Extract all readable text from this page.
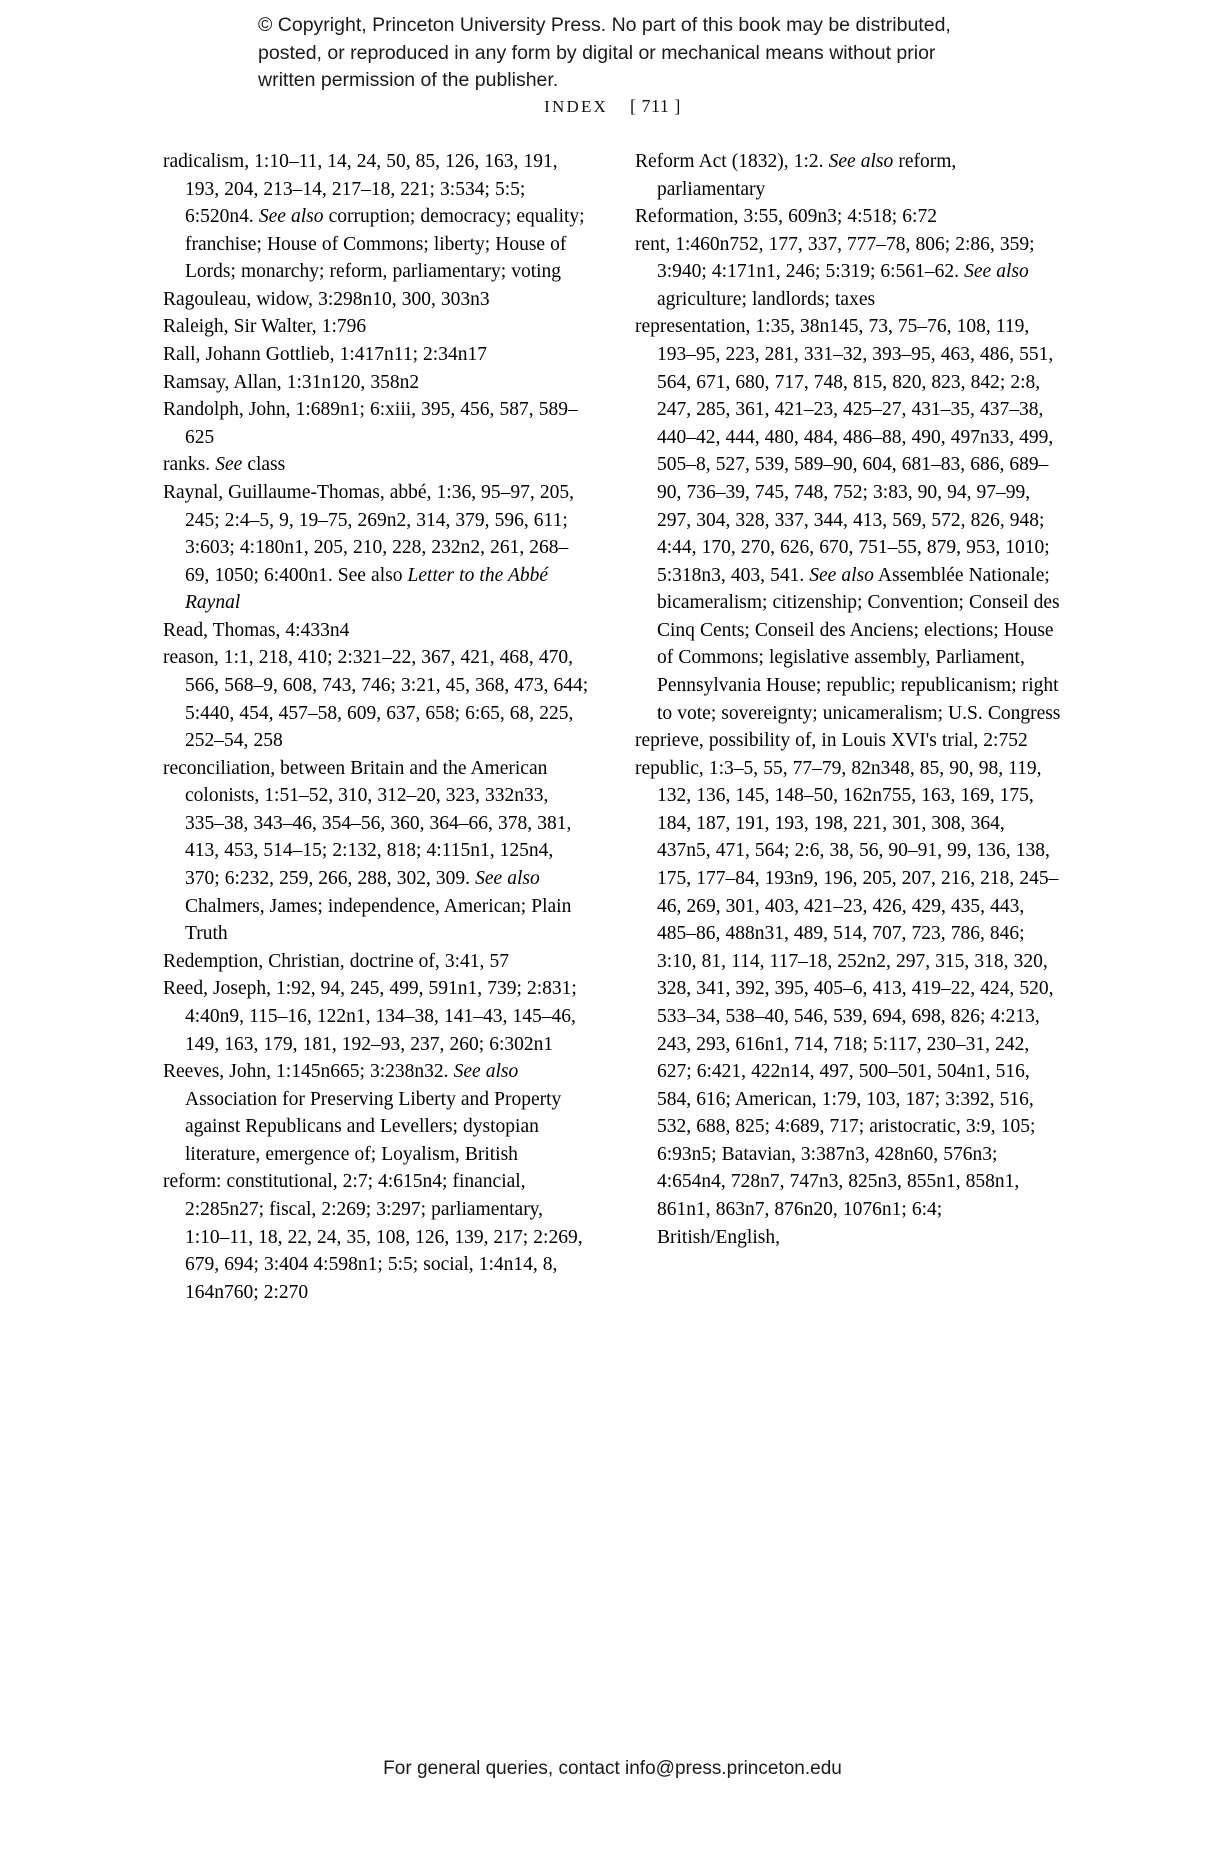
© Copyright, Princeton University Press. No part of this book may be distributed, posted, or reproduced in any form by digital or mechanical means without prior written permission of the publisher.
INDEX [ 711 ]
radicalism, 1:10–11, 14, 24, 50, 85, 126, 163, 191, 193, 204, 213–14, 217–18, 221; 3:534; 5:5; 6:520n4. See also corruption; democracy; equality; franchise; House of Commons; liberty; House of Lords; monarchy; reform, parliamentary; voting
Ragouleau, widow, 3:298n10, 300, 303n3
Raleigh, Sir Walter, 1:796
Rall, Johann Gottlieb, 1:417n11; 2:34n17
Ramsay, Allan, 1:31n120, 358n2
Randolph, John, 1:689n1; 6:xiii, 395, 456, 587, 589–625
ranks. See class
Raynal, Guillaume-Thomas, abbé, 1:36, 95–97, 205, 245; 2:4–5, 9, 19–75, 269n2, 314, 379, 596, 611; 3:603; 4:180n1, 205, 210, 228, 232n2, 261, 268–69, 1050; 6:400n1. See also Letter to the Abbé Raynal
Read, Thomas, 4:433n4
reason, 1:1, 218, 410; 2:321–22, 367, 421, 468, 470, 566, 568–9, 608, 743, 746; 3:21, 45, 368, 473, 644; 5:440, 454, 457–58, 609, 637, 658; 6:65, 68, 225, 252–54, 258
reconciliation, between Britain and the American colonists, 1:51–52, 310, 312–20, 323, 332n33, 335–38, 343–46, 354–56, 360, 364–66, 378, 381, 413, 453, 514–15; 2:132, 818; 4:115n1, 125n4, 370; 6:232, 259, 266, 288, 302, 309. See also Chalmers, James; independence, American; Plain Truth
Redemption, Christian, doctrine of, 3:41, 57
Reed, Joseph, 1:92, 94, 245, 499, 591n1, 739; 2:831; 4:40n9, 115–16, 122n1, 134–38, 141–43, 145–46, 149, 163, 179, 181, 192–93, 237, 260; 6:302n1
Reeves, John, 1:145n665; 3:238n32. See also Association for Preserving Liberty and Property against Republicans and Levellers; dystopian literature, emergence of; Loyalism, British
reform: constitutional, 2:7; 4:615n4; financial, 2:285n27; fiscal, 2:269; 3:297; parliamentary, 1:10–11, 18, 22, 24, 35, 108, 126, 139, 217; 2:269, 679, 694; 3:404 4:598n1; 5:5; social, 1:4n14, 8, 164n760; 2:270
Reform Act (1832), 1:2. See also reform, parliamentary
Reformation, 3:55, 609n3; 4:518; 6:72
rent, 1:460n752, 177, 337, 777–78, 806; 2:86, 359; 3:940; 4:171n1, 246; 5:319; 6:561–62. See also agriculture; landlords; taxes
representation, 1:35, 38n145, 73, 75–76, 108, 119, 193–95, 223, 281, 331–32, 393–95, 463, 486, 551, 564, 671, 680, 717, 748, 815, 820, 823, 842; 2:8, 247, 285, 361, 421–23, 425–27, 431–35, 437–38, 440–42, 444, 480, 484, 486–88, 490, 497n33, 499, 505–8, 527, 539, 589–90, 604, 681–83, 686, 689–90, 736–39, 745, 748, 752; 3:83, 90, 94, 97–99, 297, 304, 328, 337, 344, 413, 569, 572, 826, 948; 4:44, 170, 270, 626, 670, 751–55, 879, 953, 1010; 5:318n3, 403, 541. See also Assemblée Nationale; bicameralism; citizenship; Convention; Conseil des Cinq Cents; Conseil des Anciens; elections; House of Commons; legislative assembly, Parliament, Pennsylvania House; republic; republicanism; right to vote; sovereignty; unicameralism; U.S. Congress
reprieve, possibility of, in Louis XVI's trial, 2:752
republic, 1:3–5, 55, 77–79, 82n348, 85, 90, 98, 119, 132, 136, 145, 148–50, 162n755, 163, 169, 175, 184, 187, 191, 193, 198, 221, 301, 308, 364, 437n5, 471, 564; 2:6, 38, 56, 90–91, 99, 136, 138, 175, 177–84, 193n9, 196, 205, 207, 216, 218, 245–46, 269, 301, 403, 421–23, 426, 429, 435, 443, 485–86, 488n31, 489, 514, 707, 723, 786, 846; 3:10, 81, 114, 117–18, 252n2, 297, 315, 318, 320, 328, 341, 392, 395, 405–6, 413, 419–22, 424, 520, 533–34, 538–40, 546, 539, 694, 698, 826; 4:213, 243, 293, 616n1, 714, 718; 5:117, 230–31, 242, 627; 6:421, 422n14, 497, 500–501, 504n1, 516, 584, 616; American, 1:79, 103, 187; 3:392, 516, 532, 688, 825; 4:689, 717; aristocratic, 3:9, 105; 6:93n5; Batavian, 3:387n3, 428n60, 576n3; 4:654n4, 728n7, 747n3, 825n3, 855n1, 858n1, 861n1, 863n7, 876n20, 1076n1; 6:4; British/English,
For general queries, contact info@press.princeton.edu
